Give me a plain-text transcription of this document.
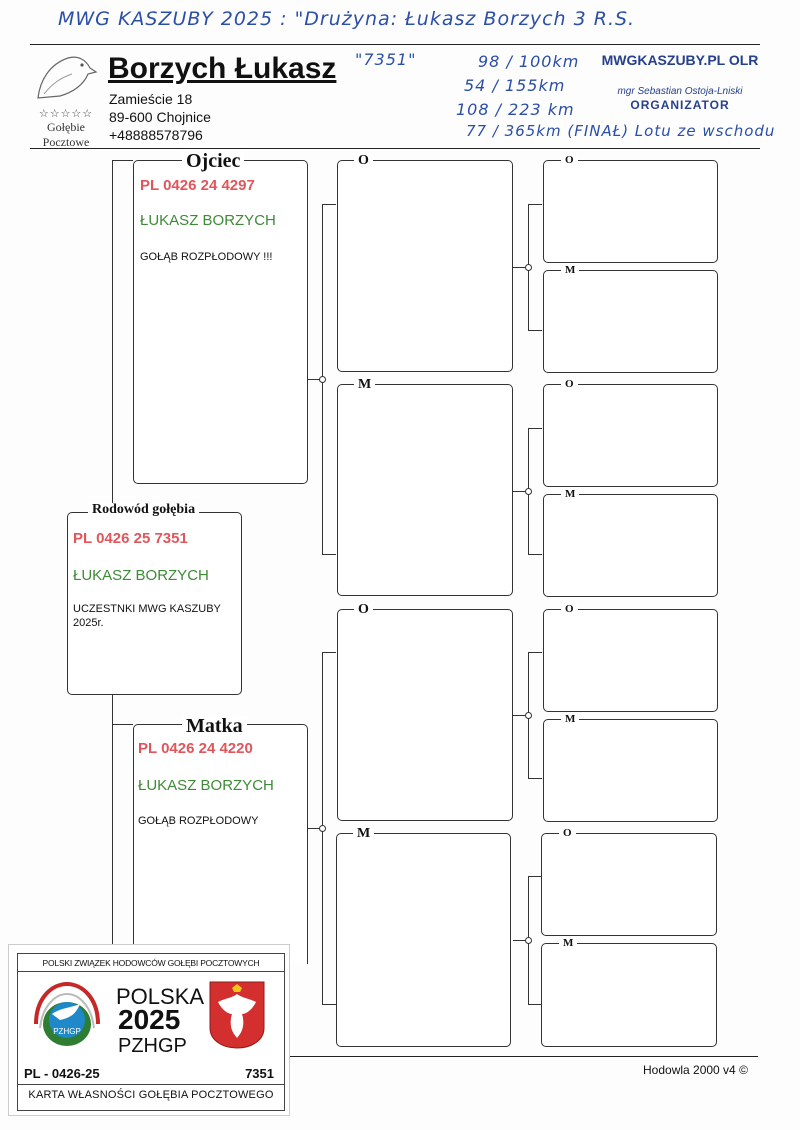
MWG KASZUBY 2025 : "Drużyna: Łukasz Borzych 3 R.S.
☆☆☆☆☆
Gołębie
Pocztowe
Borzych Łukasz
Zamieście 18
89-600 Chojnice
+48888578796
"7351"	98 / 100km
54 / 155km
108 / 223 km
77 / 365km (FINAŁ) Lotu ze wschodu
MWGKASZUBY.PL OLR
mgr Sebastian Ostoja-Lniski
ORGANIZATOR
PL 0426 24 4297
ŁUKASZ BORZYCH
GOŁĄB ROZPŁODOWY !!!
Ojciec
PL 0426 25 7351
ŁUKASZ BORZYCH
UCZESTNKI MWG KASZUBY 2025r.
Rodowód gołębia
PL 0426 24 4220
ŁUKASZ BORZYCH
GOŁĄB ROZPŁODOWY
Matka
O
M
O
M
O
M
O
M
O
M
O
M
Hodowla 2000 v4 ©
POLSKI ZWIĄZEK HODOWCÓW GOŁĘBI POCZTOWYCH
PZHGP
POLSKA
2025
PZHGP
PL - 0426-25	7351
KARTA WŁASNOŚCI GOŁĘBIA POCZTOWEGO
